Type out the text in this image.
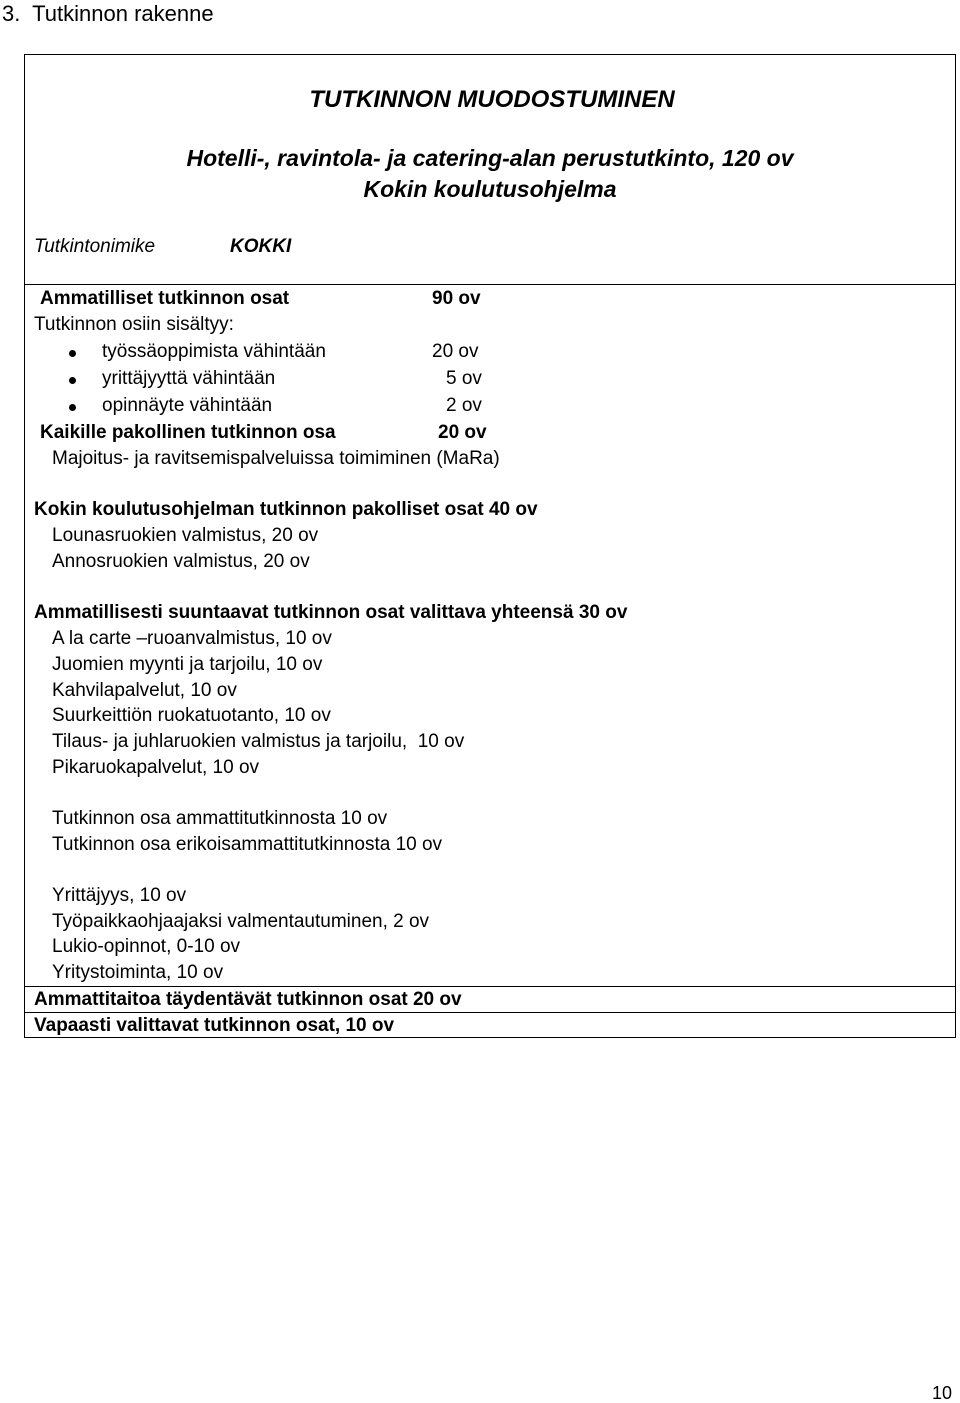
3.  Tutkinnon rakenne
TUTKINNON MUODOSTUMINEN
Hotelli-, ravintola- ja catering-alan perustutkinto, 120 ov
Kokin koulutusohjelma
Tutkintonimike	KOKKI
Ammatilliset tutkinnon osat	90 ov
Tutkinnon osiin sisältyy:
työssäoppimista vähintään	20 ov
yrittäjyyttä vähintään	5 ov
opinnäyte vähintään	2 ov
Kaikille pakollinen tutkinnon osa	20 ov
Majoitus- ja ravitsemispalveluissa toimiminen (MaRa)
Kokin koulutusohjelman tutkinnon pakolliset osat 40 ov
Lounasruokien valmistus, 20 ov
Annosruokien valmistus, 20 ov
Ammatillisesti suuntaavat tutkinnon osat valittava yhteensä 30 ov
A la carte –ruoanvalmistus, 10 ov
Juomien myynti ja tarjoilu, 10 ov
Kahvilapalvelut, 10 ov
Suurkeittiön ruokatuotanto, 10 ov
Tilaus- ja juhlaruokien valmistus ja tarjoilu,  10 ov
Pikaruokapalvelut, 10 ov
Tutkinnon osa ammattitutkinnosta 10 ov
Tutkinnon osa erikoisammattitutkinnosta 10 ov
Yrittäjyys, 10 ov
Työpaikkaohjaajaksi valmentautuminen, 2 ov
Lukio-opinnot, 0-10 ov
Yritystoiminta, 10 ov
Ammattitaitoa täydentävät tutkinnon osat 20 ov
Vapaasti valittavat tutkinnon osat, 10 ov
10
